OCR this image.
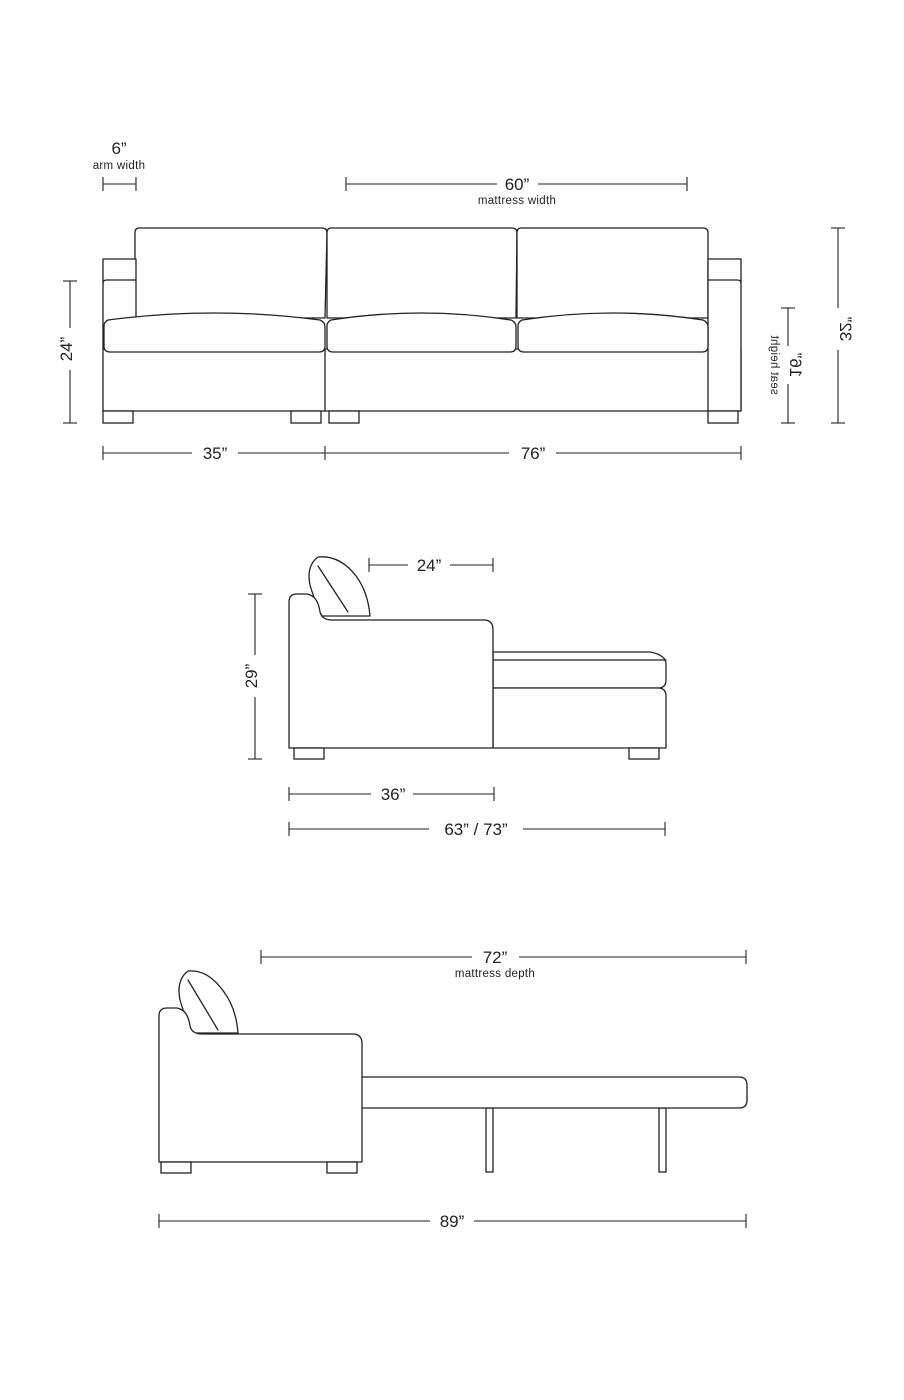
6”
arm width
60”
mattress width
24”
35”	76”
16”
seat height
32”
24”
29”
36”
63” / 73”
72”
mattress depth
89”
